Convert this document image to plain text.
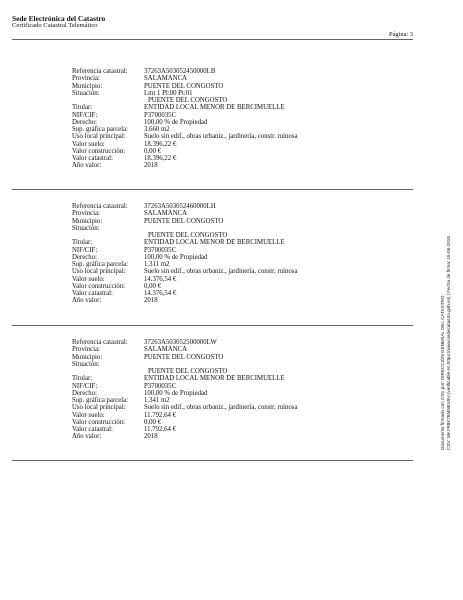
Sede Electrónica del Catastro
Certificado Catastral Telemático
Página: 3
Referencia catastral:	37263A503052450000LB
Provincia:	SALAMANCA
Municipio:	PUENTE DEL CONGOSTO
Situación:	Lmt 1 Pl:00 Pt:01
PUENTE DEL CONGOSTO
Titular:	ENTIDAD LOCAL MENOR DE BERCIMUELLE
NIF/CIF:	P3700035C
Derecho:	100,00 % de Propiedad
Sup. gráfica parcela:	3.660 m2
Uso local principal:	Suelo sin edif., obras urbaniz., jardinería, constr. ruinosa
Valor suelo:	18.396,22 €
Valor construcción:	0,00 €
Valor catastral:	18.396,22 €
Año valor:	2018
Referencia catastral:	37263A503052460000LH
Provincia:	SALAMANCA
Municipio:	PUENTE DEL CONGOSTO
Situación:
PUENTE DEL CONGOSTO
Titular:	ENTIDAD LOCAL MENOR DE BERCIMUELLE
NIF/CIF:	P3700035C
Derecho:	100,00 % de Propiedad
Sup. gráfica parcela:	1.311 m2
Uso local principal:	Suelo sin edif., obras urbaniz., jardinería, constr. ruinosa
Valor suelo:	14.376,54 €
Valor construcción:	0,00 €
Valor catastral:	14.376,54 €
Año valor:	2018
Referencia catastral:	37263A503052500000LW
Provincia:	SALAMANCA
Municipio:	PUENTE DEL CONGOSTO
Situación:
PUENTE DEL CONGOSTO
Titular:	ENTIDAD LOCAL MENOR DE BERCIMUELLE
NIF/CIF:	P3700035C
Derecho:	100,00 % de Propiedad
Sup. gráfica parcela:	1.341 m2
Uso local principal:	Suelo sin edif., obras urbaniz., jardinería, constr. ruinosa
Valor suelo:	11.792,64 €
Valor construcción:	0,00 €
Valor catastral:	11.792,64 €
Año valor:	2018	Documento firmado con CSV por: DIRECCIÓN GENERAL DEL CATASTRO CSV: MAYR8K76MNEX9U (verificable en https://www.sedecatastro.gob.es) | Fecha de firma: 15-06-2018
